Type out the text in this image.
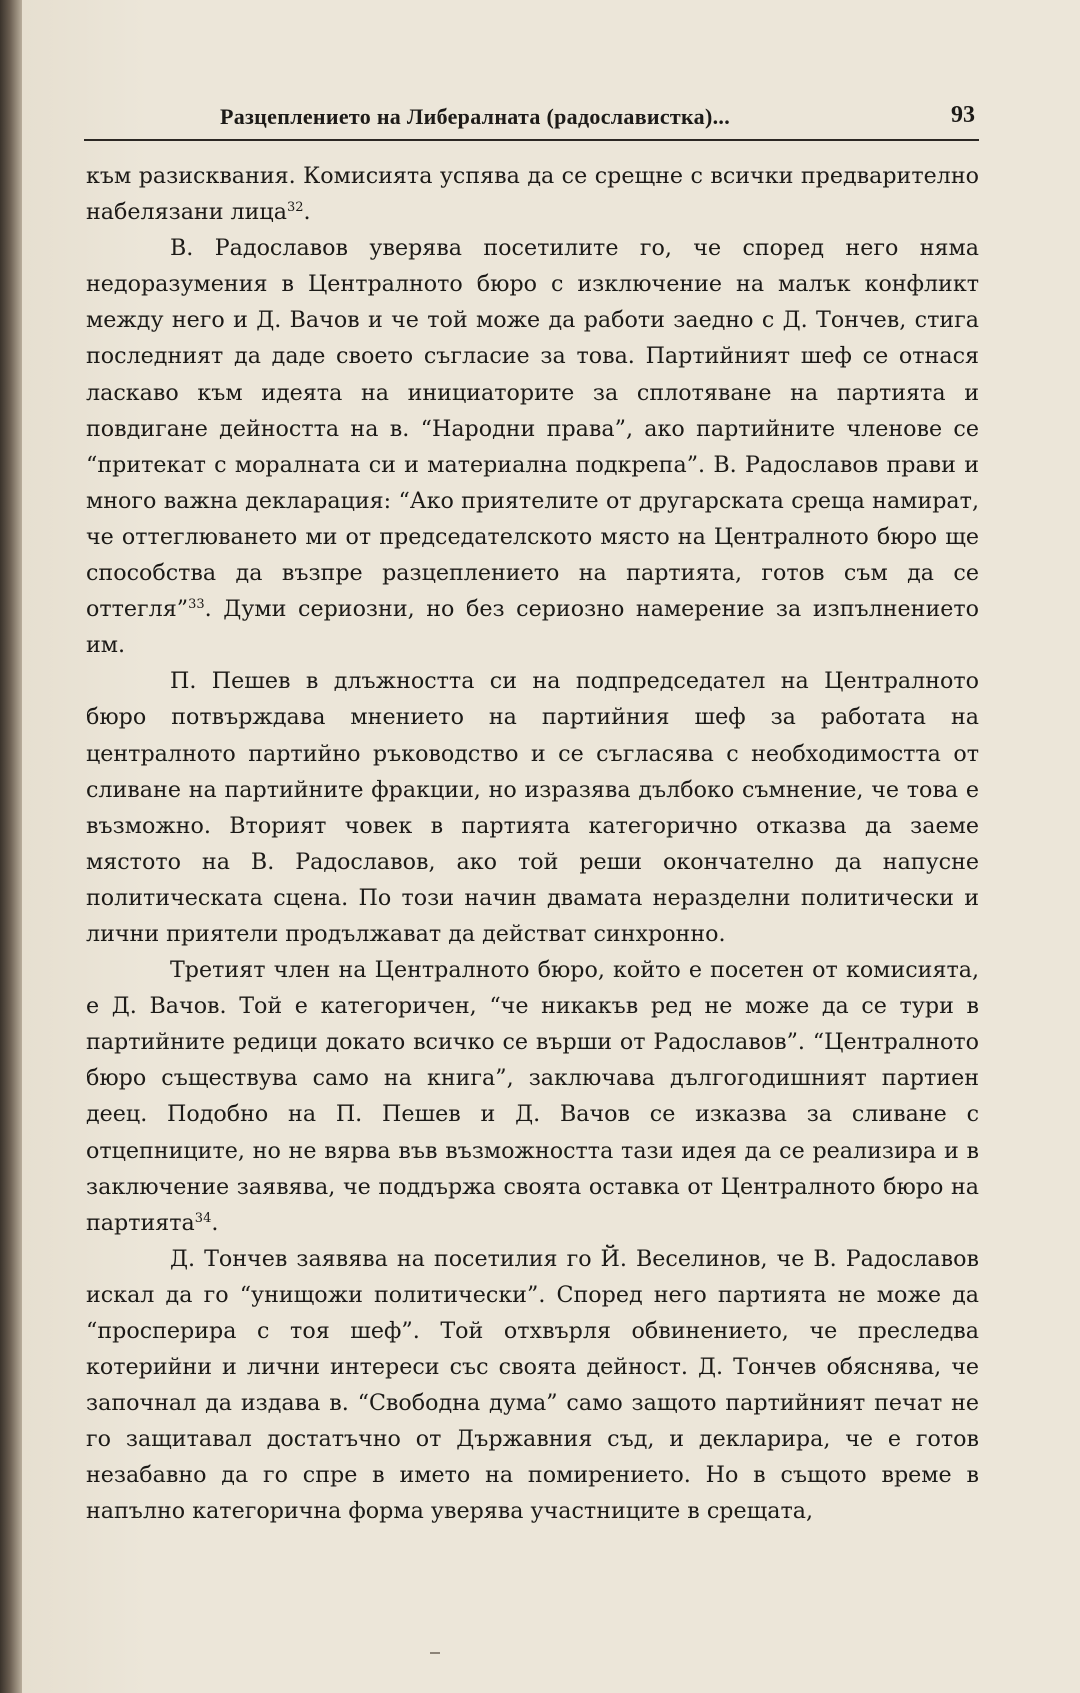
Разцеплението на Либералната (радославистка)...	93

към разисквания. Комисията успява да се срещне с всички предварително набелязани лица$^{32}$.

В. Радославов уверява посетилите го, че според него няма недоразумения в Централното бюро с изключение на малък конфликт между него и Д. Вачов и че той може да работи заедно с Д. Тончев, стига последният да даде своето съгласие за това. Партийният шеф се отнася ласкаво към идеята на инициаторите за сплотяване на партията и повдигане дейността на в. “Народни права”, ако партийните членове се “притекат с моралната си и материална подкрепа”. В. Радославов прави и много важна декларация: “Ако приятелите от другарската среща намират, че оттеглюването ми от председателското място на Централното бюро ще способства да възпре разцеплението на партията, готов съм да се оттегля”$^{33}$. Думи сериозни, но без сериозно намерение за изпълнението им.

П. Пешев в длъжността си на подпредседател на Централното бюро потвърждава мнението на партийния шеф за работата на централното партийно ръководство и се съгласява с необходимостта от сливане на партийните фракции, но изразява дълбоко съмнение, че това е възможно. Вторият човек в партията категорично отказва да заеме мястото на В. Радославов, ако той реши окончателно да напусне политическата сцена. По този начин двамата неразделни политически и лични приятели продължават да действат синхронно.

Третият член на Централното бюро, който е посетен от комисията, е Д. Вачов. Той е категоричен, “че никакъв ред не може да се тури в партийните редици докато всичко се върши от Радославов”. “Централното бюро съществува само на книга”, заключава дългогодишният партиен деец. Подобно на П. Пешев и Д. Вачов се изказва за сливане с отцепниците, но не вярва във възможността тази идея да се реализира и в заключение заявява, че поддържа своята оставка от Централното бюро на партията$^{34}$.

Д. Тончев заявява на посетилия го Й. Веселинов, че В. Радославов искал да го “унищожи политически”. Според него партията не може да “просперира с тоя шеф”. Той отхвърля обвинението, че преследва котерийни и лични интереси със своята дейност. Д. Тончев обяснява, че започнал да издава в. “Свободна дума” само защото партийният печат не го защитавал достатъчно от Държавния съд, и декларира, че е готов незабавно да го спре в името на помирението. Но в същото време в напълно категорична форма уверява участниците в срещата,
